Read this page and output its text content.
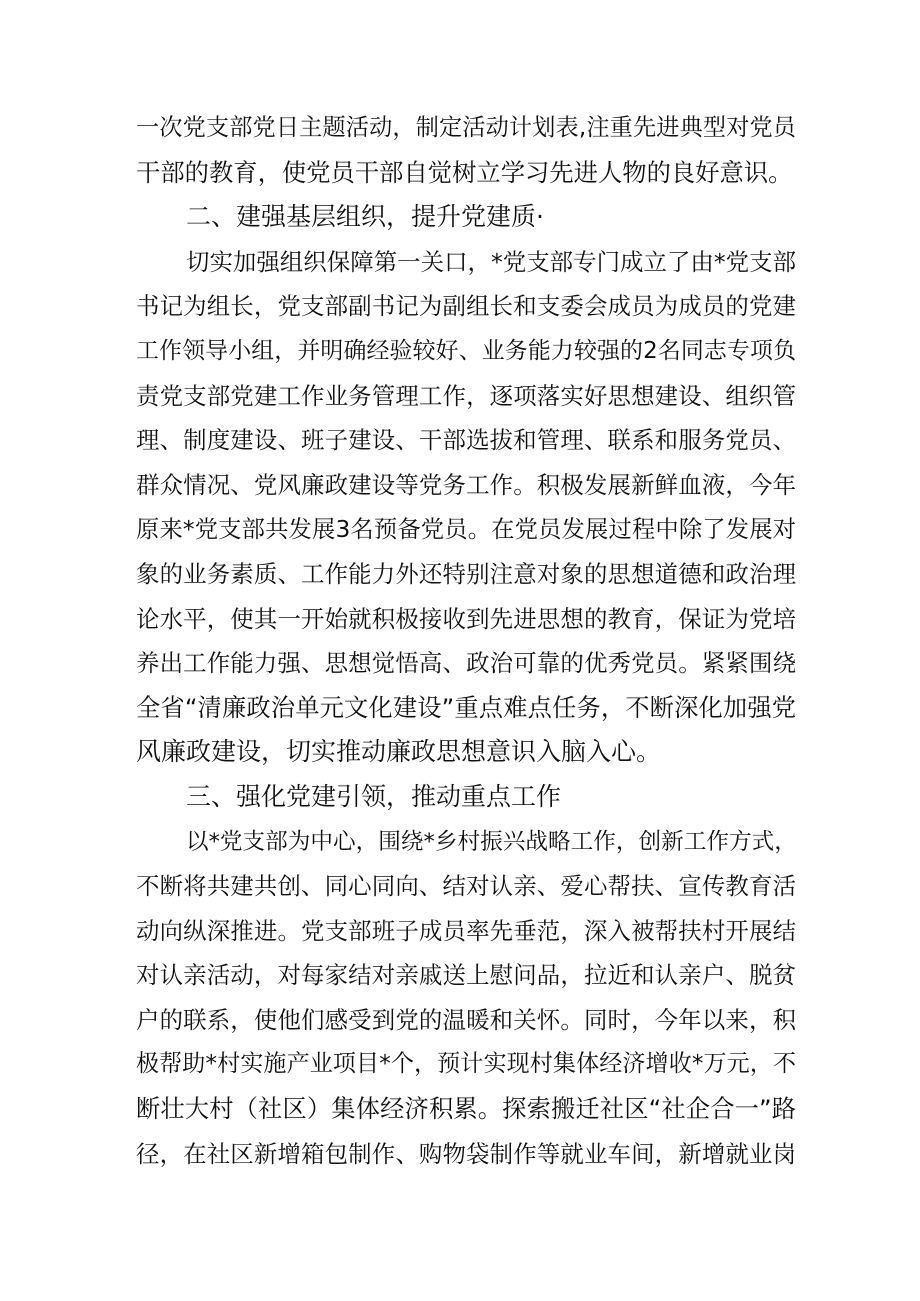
一次党支部党日主题活动，制定活动计划表,注重先进典型对党员
干部的教育，使党员干部自觉树立学习先进人物的良好意识。
二、建强基层组织，提升党建质·
切实加强组织保障第一关口，*党支部专门成立了由*党支部
书记为组长，党支部副书记为副组长和支委会成员为成员的党建
工作领导小组，并明确经验较好、业务能力较强的2名同志专项负
责党支部党建工作业务管理工作，逐项落实好思想建设、组织管
理、制度建设、班子建设、干部选拔和管理、联系和服务党员、
群众情况、党风廉政建设等党务工作。积极发展新鲜血液，今年
原来*党支部共发展3名预备党员。在党员发展过程中除了发展对
象的业务素质、工作能力外还特别注意对象的思想道德和政治理
论水平，使其一开始就积极接收到先进思想的教育，保证为党培
养出工作能力强、思想觉悟高、政治可靠的优秀党员。紧紧围绕
全省“清廉政治单元文化建设”重点难点任务，不断深化加强党
风廉政建设，切实推动廉政思想意识入脑入心。
三、强化党建引领，推动重点工作
以*党支部为中心，围绕*乡村振兴战略工作，创新工作方式，
不断将共建共创、同心同向、结对认亲、爱心帮扶、宣传教育活
动向纵深推进。党支部班子成员率先垂范，深入被帮扶村开展结
对认亲活动，对每家结对亲戚送上慰问品，拉近和认亲户、脱贫
户的联系，使他们感受到党的温暖和关怀。同时，今年以来，积
极帮助*村实施产业项目*个，预计实现村集体经济增收*万元，不
断壮大村（社区）集体经济积累。探索搬迁社区“社企合一”路
径，在社区新增箱包制作、购物袋制作等就业车间，新增就业岗
